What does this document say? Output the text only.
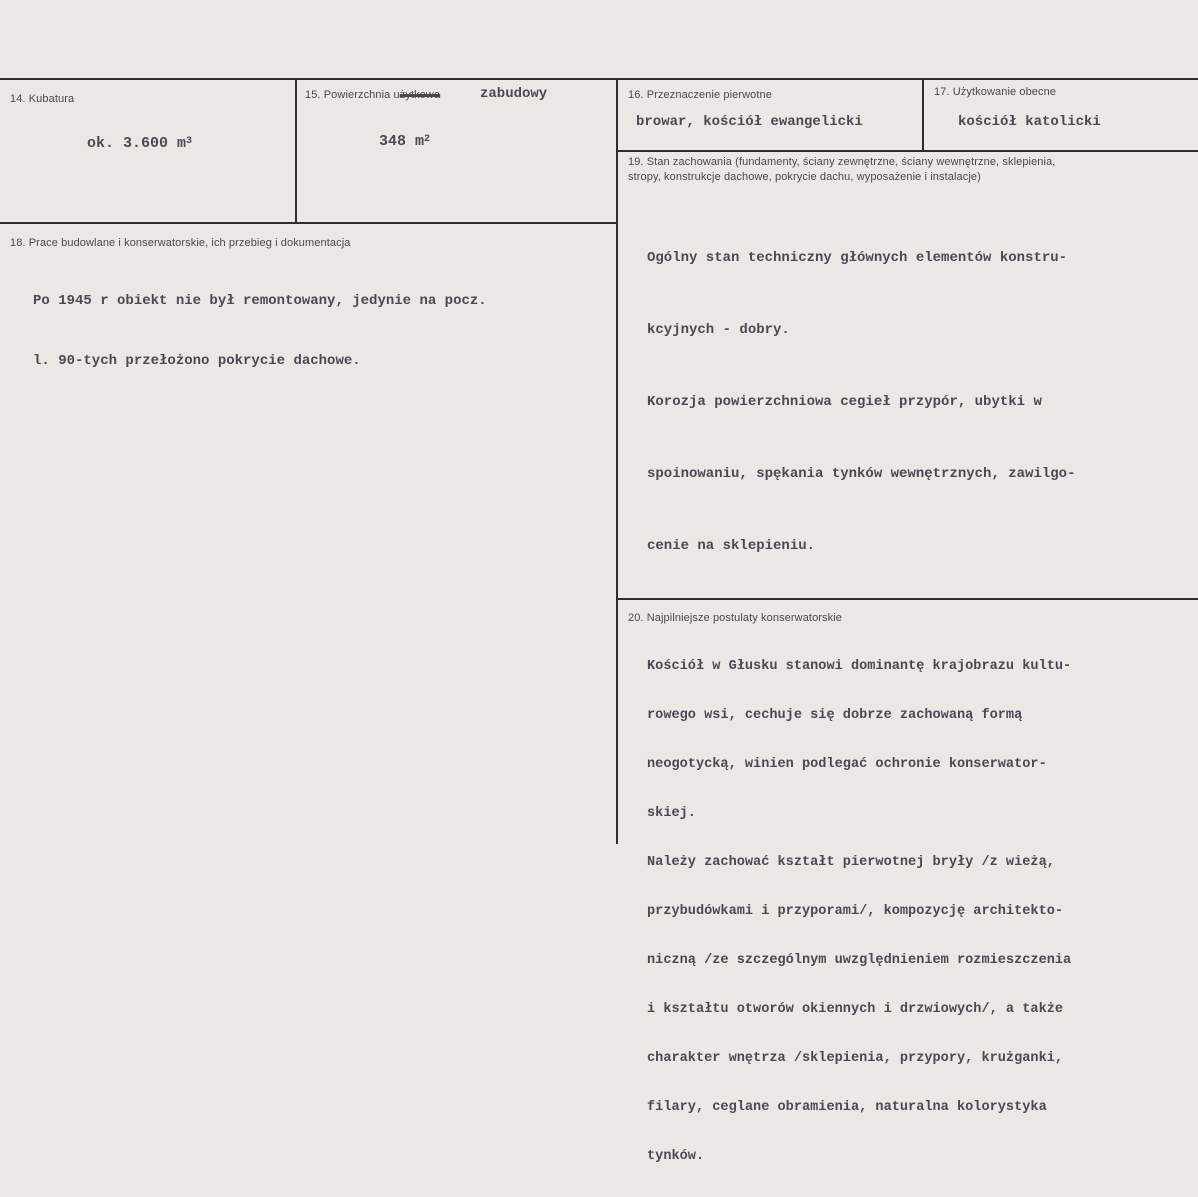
14. Kubatura

ok. 3.600 $m^3$

15. Powierzchnia użytkowa	zabudowy

348 $m^2$

16. Przeznaczenie pierwotne
browar, kościół ewangelicki
17. Użytkowanie obecne
kościół katolicki
18. Prace budowlane i konserwatorskie, ich przebieg i dokumentacja

Po 1945 r obiekt nie był remontowany, jedynie na pocz.

l. 90-tych przełożono pokrycie dachowe.

19. Stan zachowania (fundamenty, ściany zewnętrzne, ściany wewnętrzne, sklepienia,
stropy, konstrukcje dachowe, pokrycie dachu, wyposażenie i instalacje)

Ogólny stan techniczny głównych elementów konstru-

kcyjnych - dobry.

Korozja powierzchniowa cegieł przypór, ubytki w

spoinowaniu, spękania tynków wewnętrznych, zawilgo-

cenie na sklepieniu.

20. Najpilniejsze postulaty konserwatorskie

Kościół w Głusku stanowi dominantę krajobrazu kultu-

rowego wsi, cechuje się dobrze zachowaną formą

neogotycką, winien podlegać ochronie konserwator-

skiej.

Należy zachować kształt pierwotnej bryły /z wieżą,

przybudówkami i przyporami/, kompozycję architekto-

niczną /ze szczególnym uwzględnieniem rozmieszczenia

i kształtu otworów okiennych i drzwiowych/, a także

charakter wnętrza /sklepienia, przypory, krużganki,

filary, ceglane obramienia, naturalna kolorystyka

tynków.
